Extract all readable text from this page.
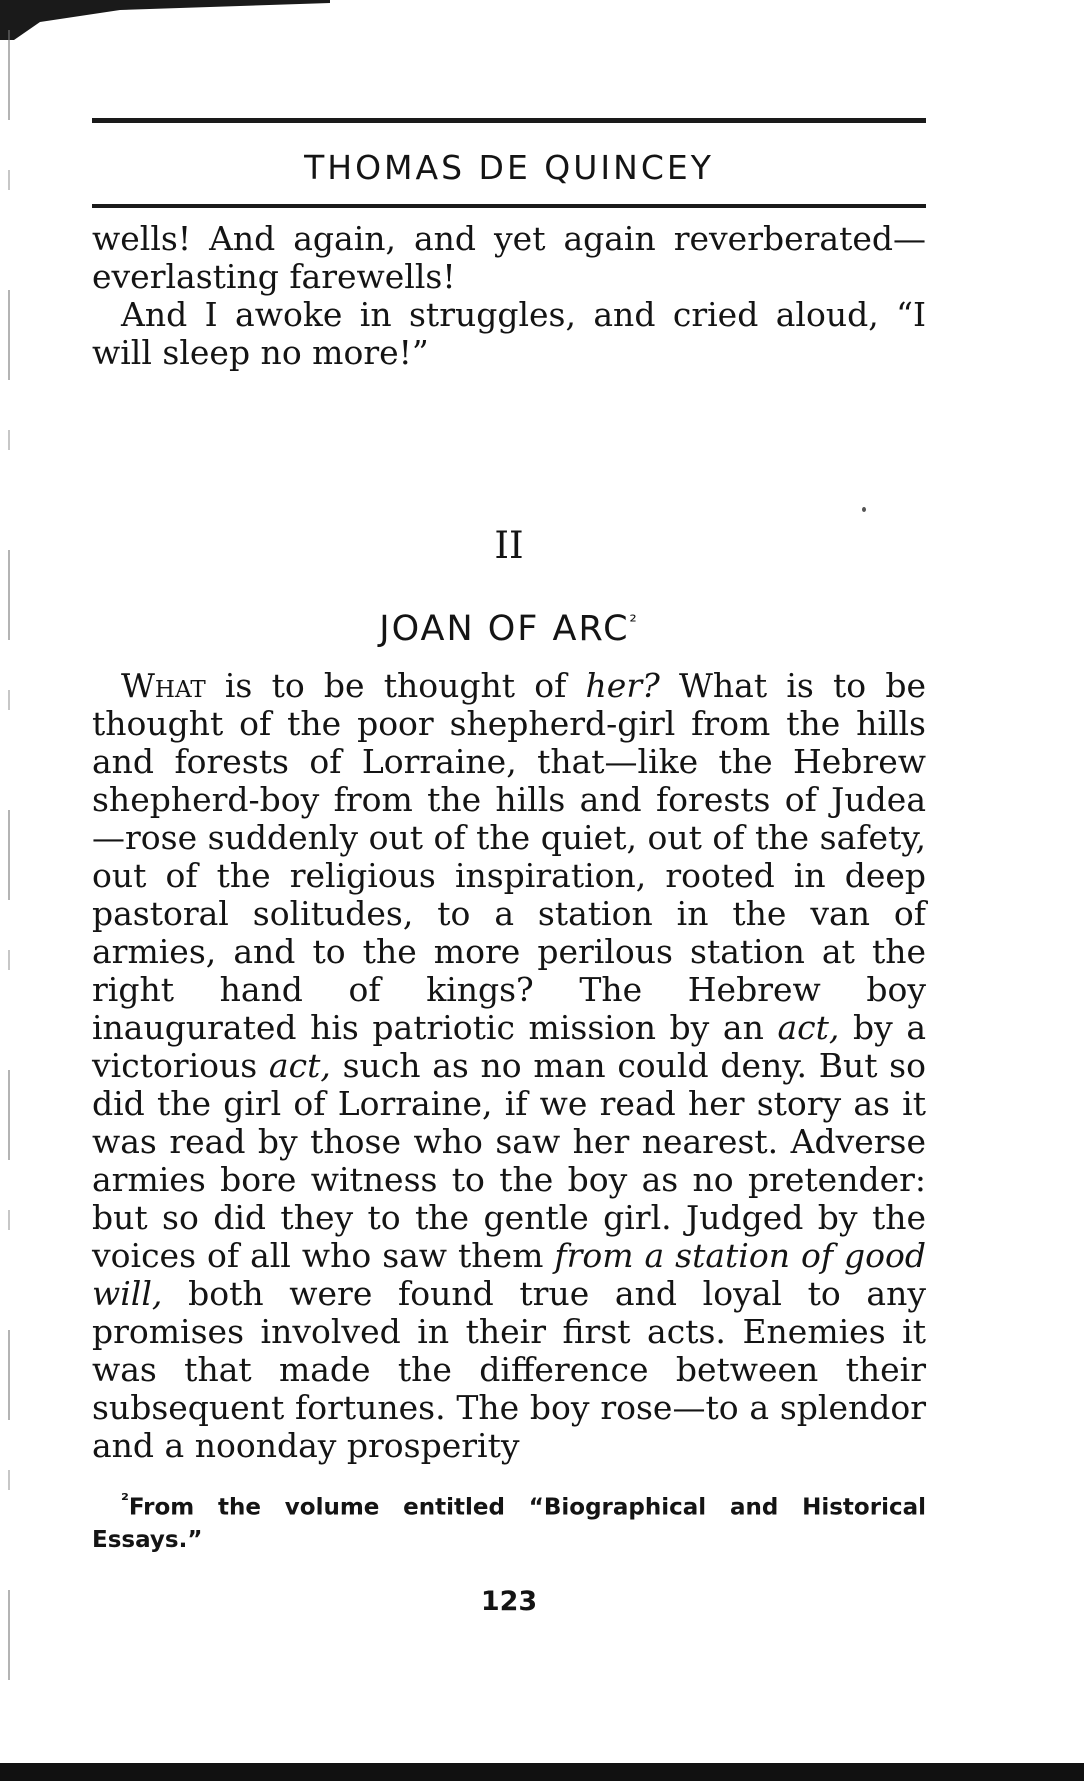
THOMAS DE QUINCEY

wells! And again, and yet again reverberated—everlasting farewells!

And I awoke in struggles, and cried aloud, “I will sleep no more!”

II
JOAN OF $ARC^{^2}$

What is to be thought of her? What is to be thought of the poor shepherd-girl from the hills and forests of Lorraine, that—like the Hebrew shepherd-boy from the hills and forests of Judea —rose suddenly out of the quiet, out of the safety, out of the religious inspiration, rooted in deep pastoral solitudes, to a station in the van of armies, and to the more perilous station at the right hand of kings? The Hebrew boy inaugurated his patriotic mission by an act, by a victorious act, such as no man could deny. But so did the girl of Lorraine, if we read her story as it was read by those who saw her nearest. Adverse armies bore witness to the boy as no pretender: but so did they to the gentle girl. Judged by the voices of all who saw them from a station of good will, both were found true and loyal to any promises involved in their first acts. Enemies it was that made the difference between their subsequent fortunes. The boy rose—to a splendor and a noonday prosperity

$^{^2}$From the volume entitled “Biographical and Historical Essays.”

123
